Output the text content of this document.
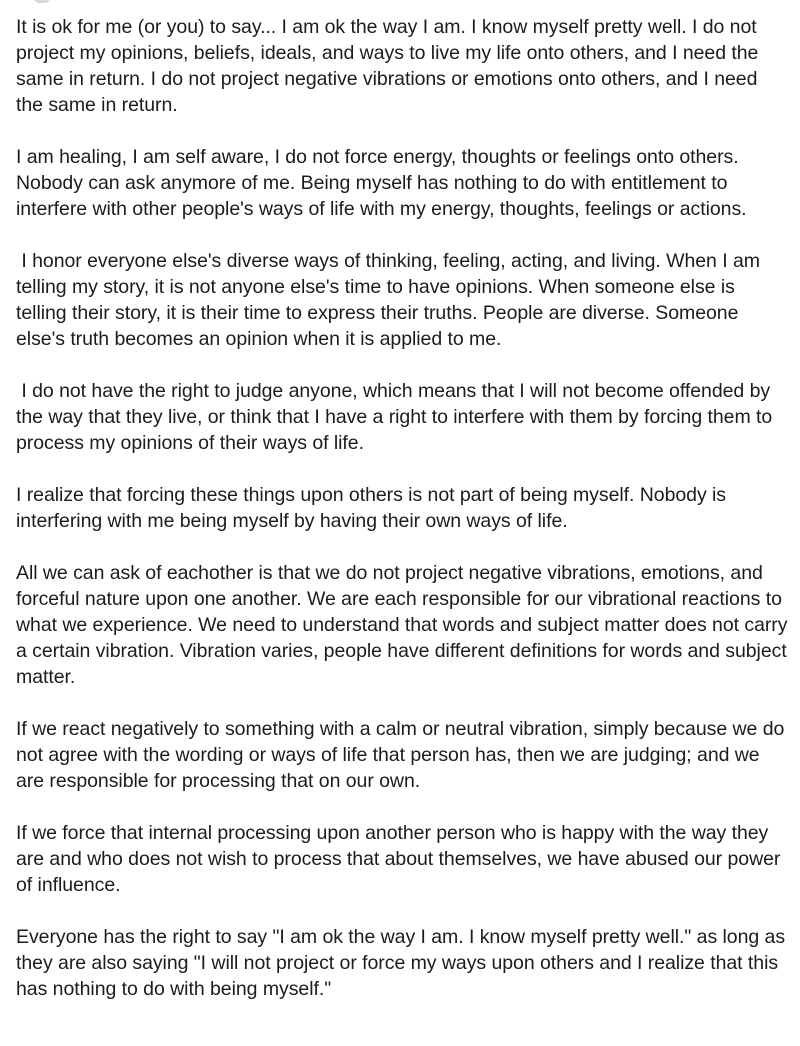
It is ok for me (or you) to say... I am ok the way I am. I know myself pretty well. I do not project my opinions, beliefs, ideals, and ways to live my life onto others, and I need the same in return. I do not project negative vibrations or emotions onto others, and I need the same in return.

I am healing, I am self aware, I do not force energy, thoughts or feelings onto others. Nobody can ask anymore of me. Being myself has nothing to do with entitlement to interfere with other people's ways of life with my energy, thoughts, feelings or actions.

I honor everyone else's diverse ways of thinking, feeling, acting, and living. When I am telling my story, it is not anyone else's time to have opinions. When someone else is telling their story, it is their time to express their truths. People are diverse. Someone else's truth becomes an opinion when it is applied to me.

I do not have the right to judge anyone, which means that I will not become offended by the way that they live, or think that I have a right to interfere with them by forcing them to process my opinions of their ways of life.

I realize that forcing these things upon others is not part of being myself. Nobody is interfering with me being myself by having their own ways of life.

All we can ask of eachother is that we do not project negative vibrations, emotions, and forceful nature upon one another. We are each responsible for our vibrational reactions to what we experience. We need to understand that words and subject matter does not carry a certain vibration. Vibration varies, people have different definitions for words and subject matter.

If we react negatively to something with a calm or neutral vibration, simply because we do not agree with the wording or ways of life that person has, then we are judging; and we are responsible for processing that on our own.

If we force that internal processing upon another person who is happy with the way they are and who does not wish to process that about themselves, we have abused our power of influence.

Everyone has the right to say "I am ok the way I am. I know myself pretty well." as long as they are also saying "I will not project or force my ways upon others and I realize that this has nothing to do with being myself."
